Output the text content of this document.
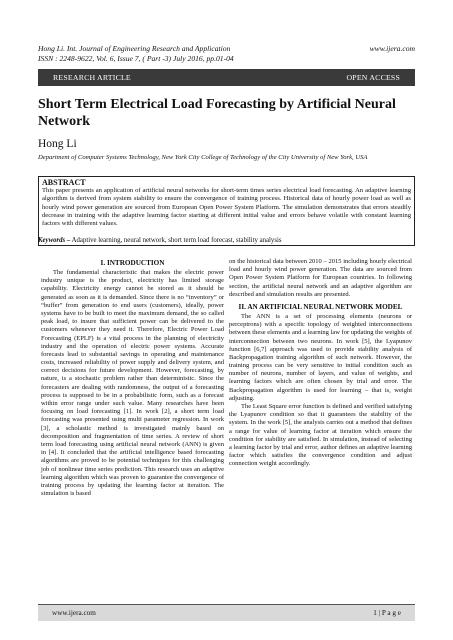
Hong Li. Int. Journal of Engineering Research and Application	www.ijera.com
ISSN : 2248-9622, Vol. 6, Issue 7, ( Part -3) July 2016, pp.01-04
RESEARCH ARTICLE	OPEN ACCESS
Short Term Electrical Load Forecasting by Artificial Neural Network
Hong Li
Department of Computer Systems Technology, New York City College of Technology of the City University of New York, USA
ABSTRACT
This paper presents an application of artificial neural networks for short-term times series electrical load forecasting. An adaptive learning algorithm is derived from system stability to ensure the convergence of training process. Historical data of hourly power load as well as hourly wind power generation are sourced from European Open Power System Platform. The simulation demonstrates that errors steadily decrease in training with the adaptive learning factor starting at different initial value and errors behave volatile with constant learning factors with different values.
Keywords – Adaptive learning, neural network, short term load forecast, stability analysis
I. INTRODUCTION

The fundamental characteristic that makes the electric power industry unique is the product, electricity has limited storage capability. Electricity energy cannot be stored as it should be generated as soon as it is demanded. Since there is no “inventory” or “buffer” from generation to end users (customers), ideally, power systems have to be built to meet the maximum demand, the so called peak load, to insure that sufficient power can be delivered to the customers whenever they need it. Therefore, Electric Power Load Forecasting (EPLF) is a vital process in the planning of electricity industry and the operation of electric power systems. Accurate forecasts lead to substantial savings in operating and maintenance costs, increased reliability of power supply and delivery system, and correct decisions for future development. However, forecasting, by nature, is a stochastic problem rather than deterministic. Since the forecasters are dealing with randomness, the output of a forecasting process is supposed to be in a probabilistic form, such as a forecast within error range under such value. Many researches have been focusing on load forecasting [1]. In work [2], a short term load forecasting was presented using multi parameter regression. In work [3], a scholastic method is investigated mainly based on decomposition and fragmentation of time series. A review of short term load forecasting using artificial neural network (ANN) is given in [4]. It concluded that the artificial intelligence based forecasting algorithms are proved to be potential techniques for this challenging job of nonlinear time series prediction. This research uses an adaptive learning algorithm which was proven to guarantee the convergence of training process by updating the learning factor at iteration. The simulation is based

on the historical data between 2010 – 2015 including hourly electrical load and hourly wind power generation. The data are sourced from Open Power System Platform for European countries. In following section, the artificial neural network and an adaptive algorithm are described and simulation results are presented.

II. AN ARTIFICIAL NEURAL NETWORK MODEL

The ANN is a set of processing elements (neurons or perceptrons) with a specific topology of weighted interconnections between these elements and a learning law for updating the weights of interconnection between two neurons. In work [5], the Lyapunov function [6,7] approach was used to provide stability analysis of Backpropagation training algorithm of such network. However, the training process can be very sensitive to initial condition such as number of neurons, number of layers, and value of weights, and learning factors which are often chosen by trial and error. The Backpropagation algorithm is used for learning – that is, weight adjusting.

The Least Square error function is defined and verified satisfying the Lyapunov condition so that it guarantees the stability of the system. In the work [5], the analysis carries out a method that defines a range for value of learning factor at iteration which ensure the condition for stability are satisfied. In simulation, instead of selecting a learning factor by trial and error, author defines an adaptive learning factor which satisfies the convergence condition and adjust connection weight accordingly.

www.ijera.com	1 | P a g e
